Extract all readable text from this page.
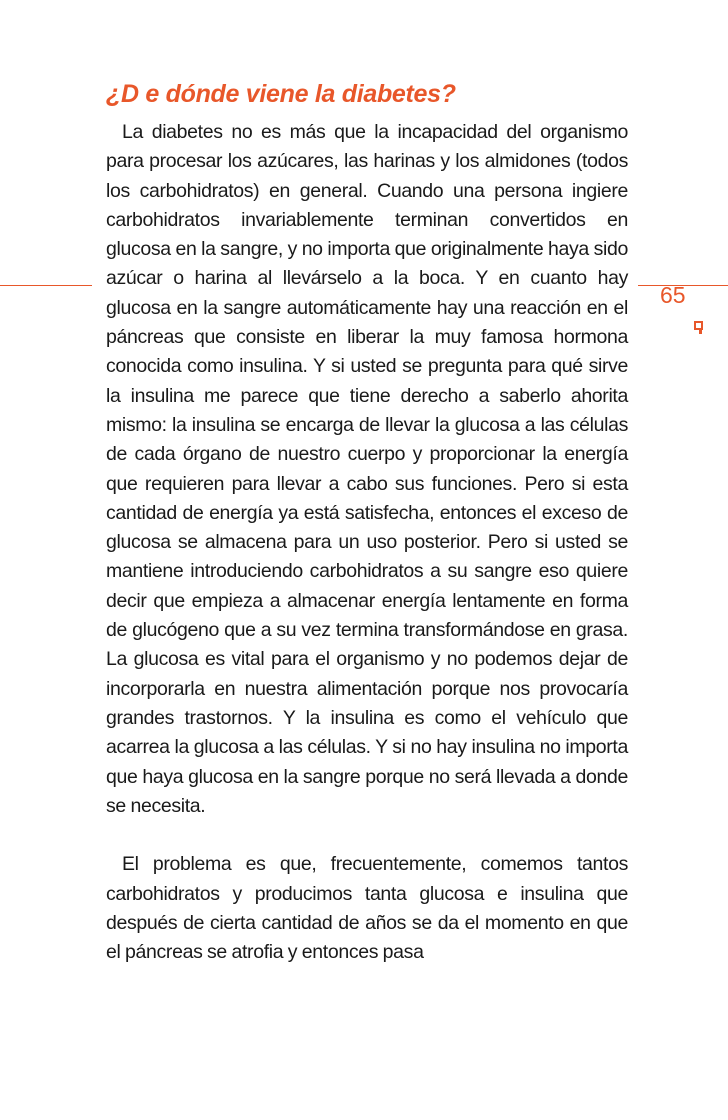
¿D e dónde viene la diabetes?

La diabetes no es más que la incapacidad del organismo para procesar los azúcares, las harinas y los almidones (todos los carbohidratos) en general. Cuando una persona ingiere carbohidratos invariablemente terminan convertidos en glucosa en la sangre, y no importa que originalmente haya sido azúcar o harina al llevárselo a la boca. Y en cuanto hay glucosa en la sangre automáticamente hay una reacción en el páncreas que consiste en liberar la muy famosa hormona conocida como insulina. Y si usted se pregunta para qué sirve la insulina me parece que tiene derecho a saberlo ahorita mismo: la insulina se encarga de llevar la glucosa a las células de cada órgano de nuestro cuerpo y proporcionar la energía que requieren para llevar a cabo sus funciones. Pero si esta cantidad de energía ya está satisfecha, entonces el exceso de glucosa se almacena para un uso posterior. Pero si usted se mantiene introduciendo carbohidratos a su sangre eso quiere decir que empieza a almacenar energía lentamente en forma de glucógeno que a su vez termina transformándose en grasa. La glucosa es vital para el organismo y no podemos dejar de incorporarla en nuestra alimentación porque nos provocaría grandes trastornos. Y la insulina es como el vehículo que acarrea la glucosa a las células. Y si no hay insulina no importa que haya glucosa en la sangre porque no será llevada a donde se necesita.

El problema es que, frecuentemente, comemos tantos carbohidratos y producimos tanta glucosa e insulina que después de cierta cantidad de años se da el momento en que el páncreas se atrofia y entonces pasa

65
